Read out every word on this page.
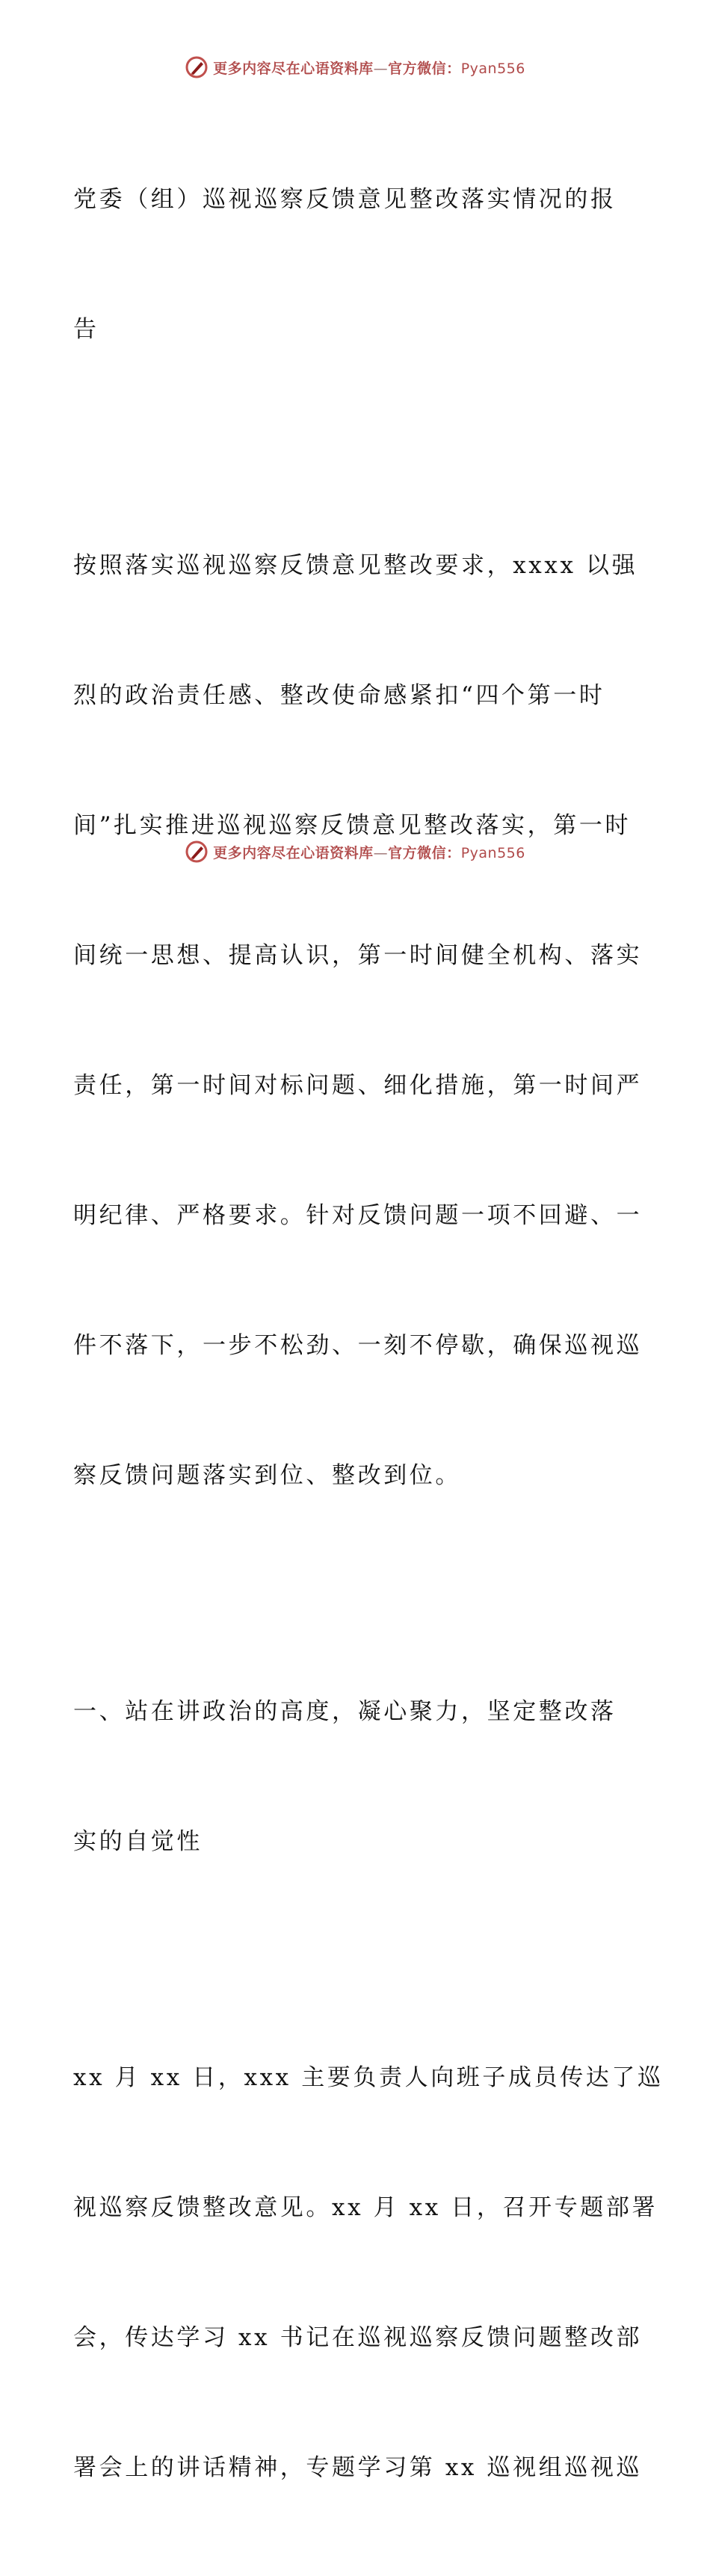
更多内容尽在心语资料库—官方微信：Pyan556

党委（组）巡视巡察反馈意见整改落实情况的报

告

按照落实巡视巡察反馈意见整改要求，xxxx 以强

烈的政治责任感、整改使命感紧扣“四个第一时

间”扎实推进巡视巡察反馈意见整改落实，第一时

间统一思想、提高认识，第一时间健全机构、落实

责任，第一时间对标问题、细化措施，第一时间严

明纪律、严格要求。针对反馈问题一项不回避、一

件不落下，一步不松劲、一刻不停歇，确保巡视巡

察反馈问题落实到位、整改到位。

一、站在讲政治的高度，凝心聚力，坚定整改落

实的自觉性

xx 月 xx 日，xxx 主要负责人向班子成员传达了巡

视巡察反馈整改意见。xx 月 xx 日，召开专题部署

会，传达学习 xx 书记在巡视巡察反馈问题整改部

署会上的讲话精神，专题学习第 xx 巡视组巡视巡

更多内容尽在心语资料库—官方微信：Pyan556
